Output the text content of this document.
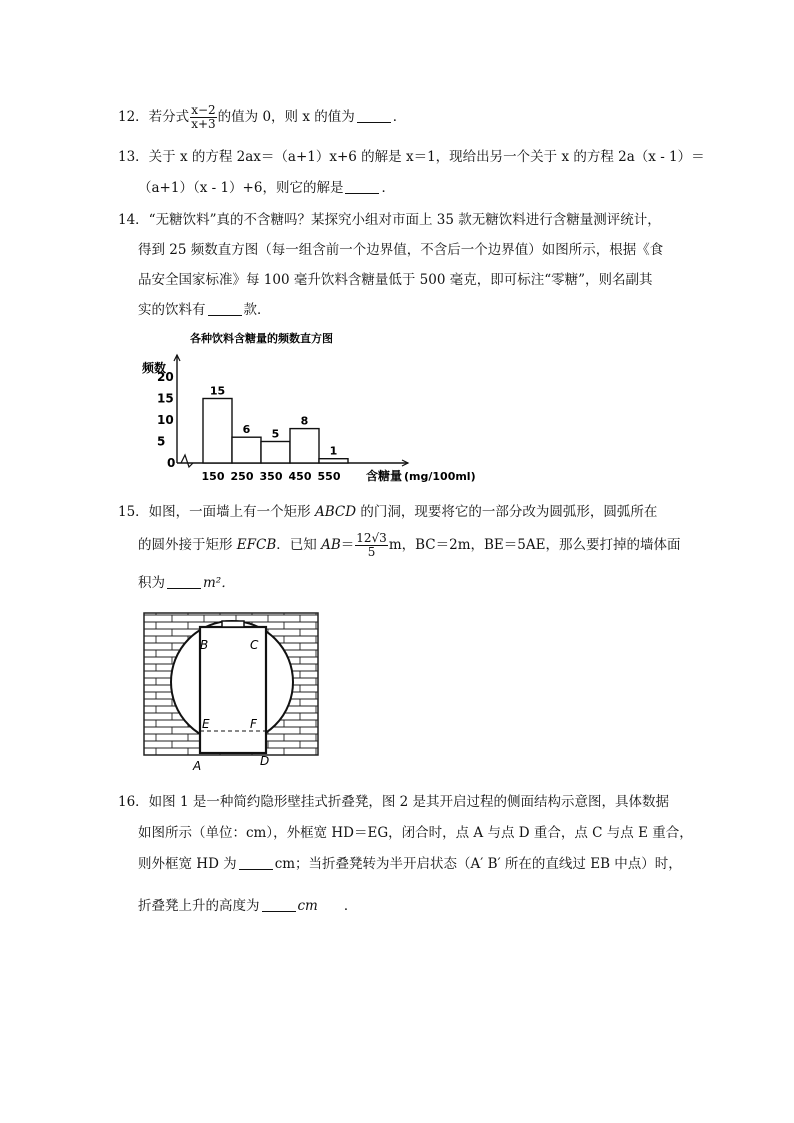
12．若分式 $\frac{x-2}{x+3}$ 的值为 0，则 x 的值为	．
13．关于 x 的方程 2ax＝（a+1）x+6 的解是 x＝1，现给出另一个关于 x 的方程 2a（x - 1）＝
（a+1）（x - 1）+6，则它的解是	．
14．“无糖饮料”真的不含糖吗？某探究小组对市面上 35 款无糖饮料进行含糖量测评统计，
得到 25 频数直方图（每一组含前一个边界值，不含后一个边界值）如图所示，根据《食
品安全国家标准》每 100 毫升饮料含糖量低于 500 毫克，即可标注“零糖”，则名副其
实的饮料有	款．
各种饮料含糖量的频数直方图
频数
0
5
10
15
20
15
6 5
8
1
150 250 350 450 550 含糖量 (mg/100ml)
15．如图，一面墙上有一个矩形 ABCD 的门洞，现要将它的一部分改为圆弧形，圆弧所在
的圆外接于矩形 EFCB．已知 $AB= \frac{12√3}{5}$ m，BC＝2m，BE＝5AE，那么要打掉的墙体面
积为	m²．
B	C
E	F
A	D
16．如图 1 是一种简约隐形壁挂式折叠凳，图 2 是其开启过程的侧面结构示意图，具体数据
如图所示（单位：cm），外框宽 HD＝EG，闭合时，点 A 与点 D 重合，点 C 与点 E 重合，
则外框宽 HD 为	cm；当折叠凳转为半开启状态（A′ B′ 所在的直线过 EB 中点）时，
折叠凳上升的高度为	cm ．
